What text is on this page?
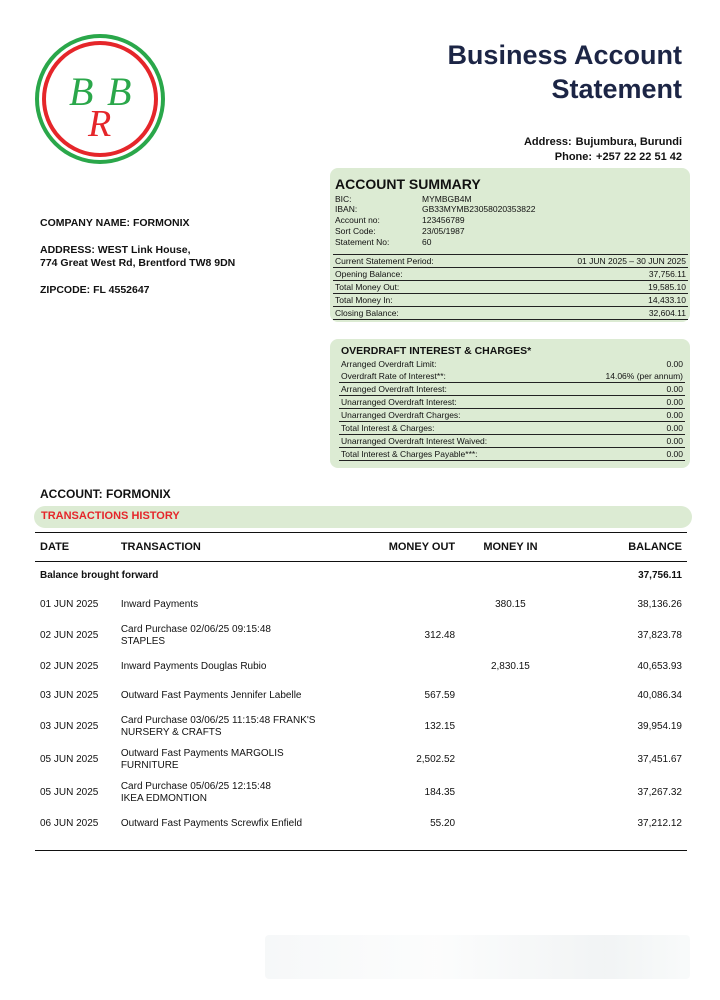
B B
R
Business Account
Statement
Address: Bujumbura, Burundi
Phone: +257 22 22 51 42
COMPANY NAME: FORMONIX
ADDRESS: WEST Link House,
774 Great West Rd, Brentford TW8 9DN
ZIPCODE: FL 4552647
ACCOUNT SUMMARY
BIC:	MYMBGB4M
IBAN:	GB33MYMB23058020353822
Account no:	123456789
Sort Code:	23/05/1987
Statement No:	60
Current Statement Period:	01 JUN 2025 – 30 JUN 2025
Opening Balance:	37,756.11
Total Money Out:	19,585.10
Total Money In:	14,433.10
Closing Balance:	32,604.11
OVERDRAFT INTEREST & CHARGES*
Arranged Overdraft Limit:	0.00
Overdraft Rate of Interest**:	14.06% (per annum)
Arranged Overdraft Interest:	0.00
Unarranged Overdraft Interest:	0.00
Unarranged Overdraft Charges:	0.00
Total Interest & Charges:	0.00
Unarranged Overdraft Interest Waived:	0.00
Total Interest & Charges Payable***:	0.00
ACCOUNT: FORMONIX
TRANSACTIONS HISTORY
DATE	TRANSACTION	MONEY OUT	MONEY IN	BALANCE
Balance brought forward				37,756.11
01 JUN 2025	Inward Payments		380.15	38,136.26
02 JUN 2025	Card Purchase 02/06/25 09:15:48
STAPLES	312.48		37,823.78
02 JUN 2025	Inward Payments Douglas Rubio		2,830.15	40,653.93
03 JUN 2025	Outward Fast Payments Jennifer Labelle	567.59		40,086.34
03 JUN 2025	Card Purchase 03/06/25 11:15:48 FRANK'S
NURSERY & CRAFTS	132.15		39,954.19
05 JUN 2025	Outward Fast Payments MARGOLIS
FURNITURE	2,502.52		37,451.67
05 JUN 2025	Card Purchase 05/06/25 12:15:48
IKEA EDMONTION	184.35		37,267.32
06 JUN 2025	Outward Fast Payments Screwfix Enfield	55.20		37,212.12
